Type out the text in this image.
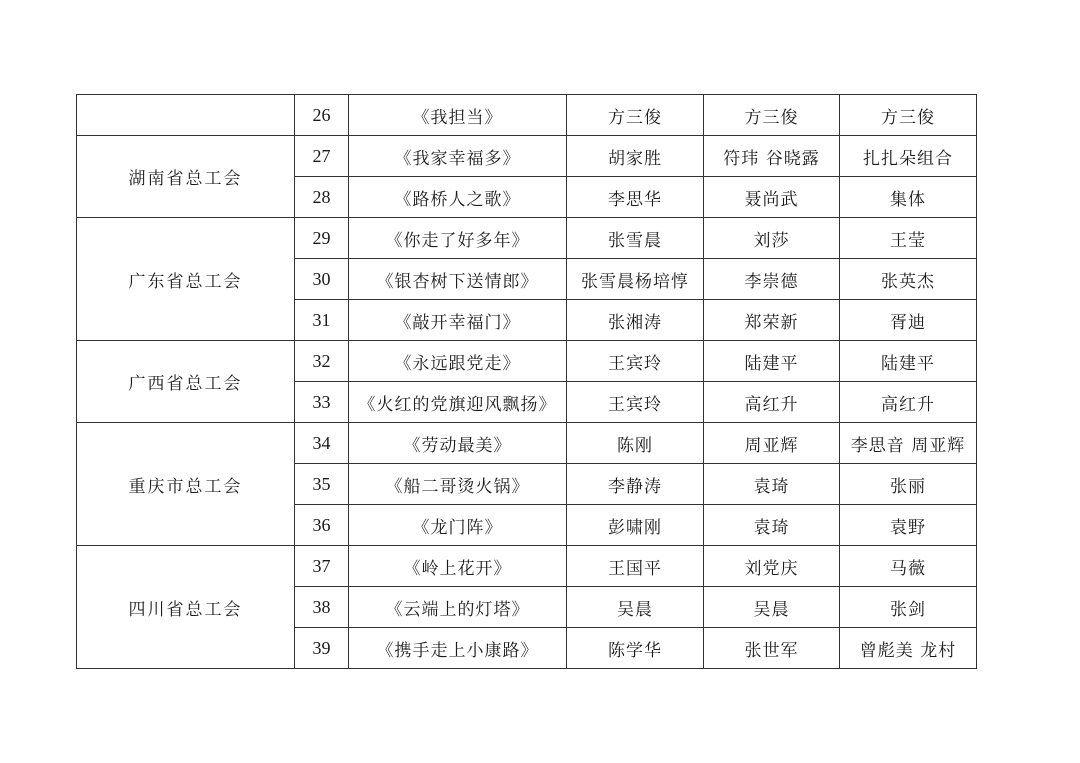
	26	《我担当》	方三俊	方三俊	方三俊
湖南省总工会	27	《我家幸福多》	胡家胜	符玮 谷晓露	扎扎朵组合
	28	《路桥人之歌》	李思华	聂尚武	集体
广东省总工会	29	《你走了好多年》	张雪晨	刘莎	王莹
	30	《银杏树下送情郎》	张雪晨杨培惇	李崇德	张英杰
	31	《敲开幸福门》	张湘涛	郑荣新	胥迪
广西省总工会	32	《永远跟党走》	王宾玲	陆建平	陆建平
	33	《火红的党旗迎风飘扬》	王宾玲	高红升	高红升
重庆市总工会	34	《劳动最美》	陈刚	周亚辉	李思音 周亚辉
	35	《船二哥烫火锅》	李静涛	袁琦	张丽
	36	《龙门阵》	彭啸刚	袁琦	袁野
四川省总工会	37	《岭上花开》	王国平	刘党庆	马薇
	38	《云端上的灯塔》	吴晨	吴晨	张剑
	39	《携手走上小康路》	陈学华	张世军	曾彪美 龙村
